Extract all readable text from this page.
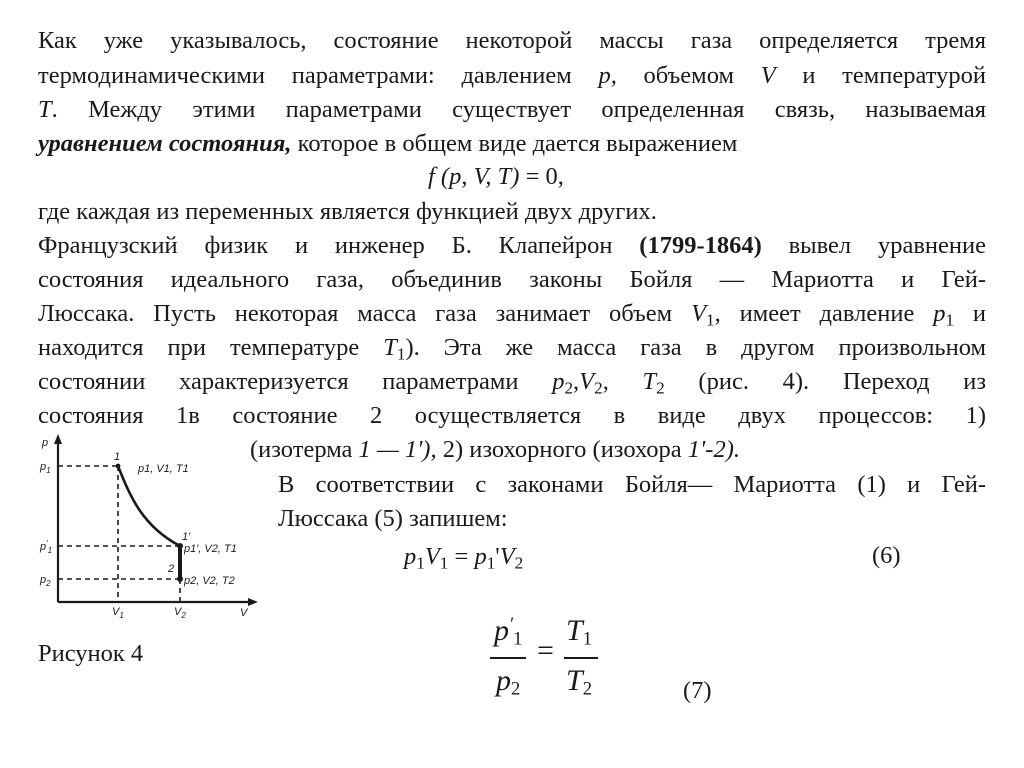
Как уже указывалось, состояние некоторой массы газа определяется тремя
термодинамическими параметрами: давлением p, объемом V и температурой
T. Между этими параметрами существует определенная связь, называемая
уравнением состояния, которое в общем виде дается выражением
f (p, V, T) = 0,
где каждая из переменных является функцией двух других.
Французский физик и инженер Б. Клапейрон (1799-1864) вывел уравнение
состояния идеального газа, объединив законы Бойля — Мариотта и Гей-
Люссака. Пусть некоторая масса газа занимает объем $V_1$, имеет давление $p_1$ и
находится при температуре $T_1$). Эта же масса газа в другом произвольном
состоянии характеризуется параметрами $p_2,V_2$, $T_2$ (рис. 4). Переход из
состояния 1в состояние 2 осуществляется в виде двух процессов: 1)
(изотерма 1 — 1'), 2) изохорного (изохора 1'-2).
В соответствии с законами Бойля— Мариотта (1) и Гей-
Люссака (5) запишем:
$p_1V_1 = p_1'V_2$	(6)
$p'_1$
$p_2$
=
$T_1$
$T_2$	(7)
p
V
$p_1$
$p'_1$
$p_2$
$V_1$	$V_2$
1
p1, V1, T1
1′
p1′, V2, T1
2
p2, V2, T2
Рисунок 4
